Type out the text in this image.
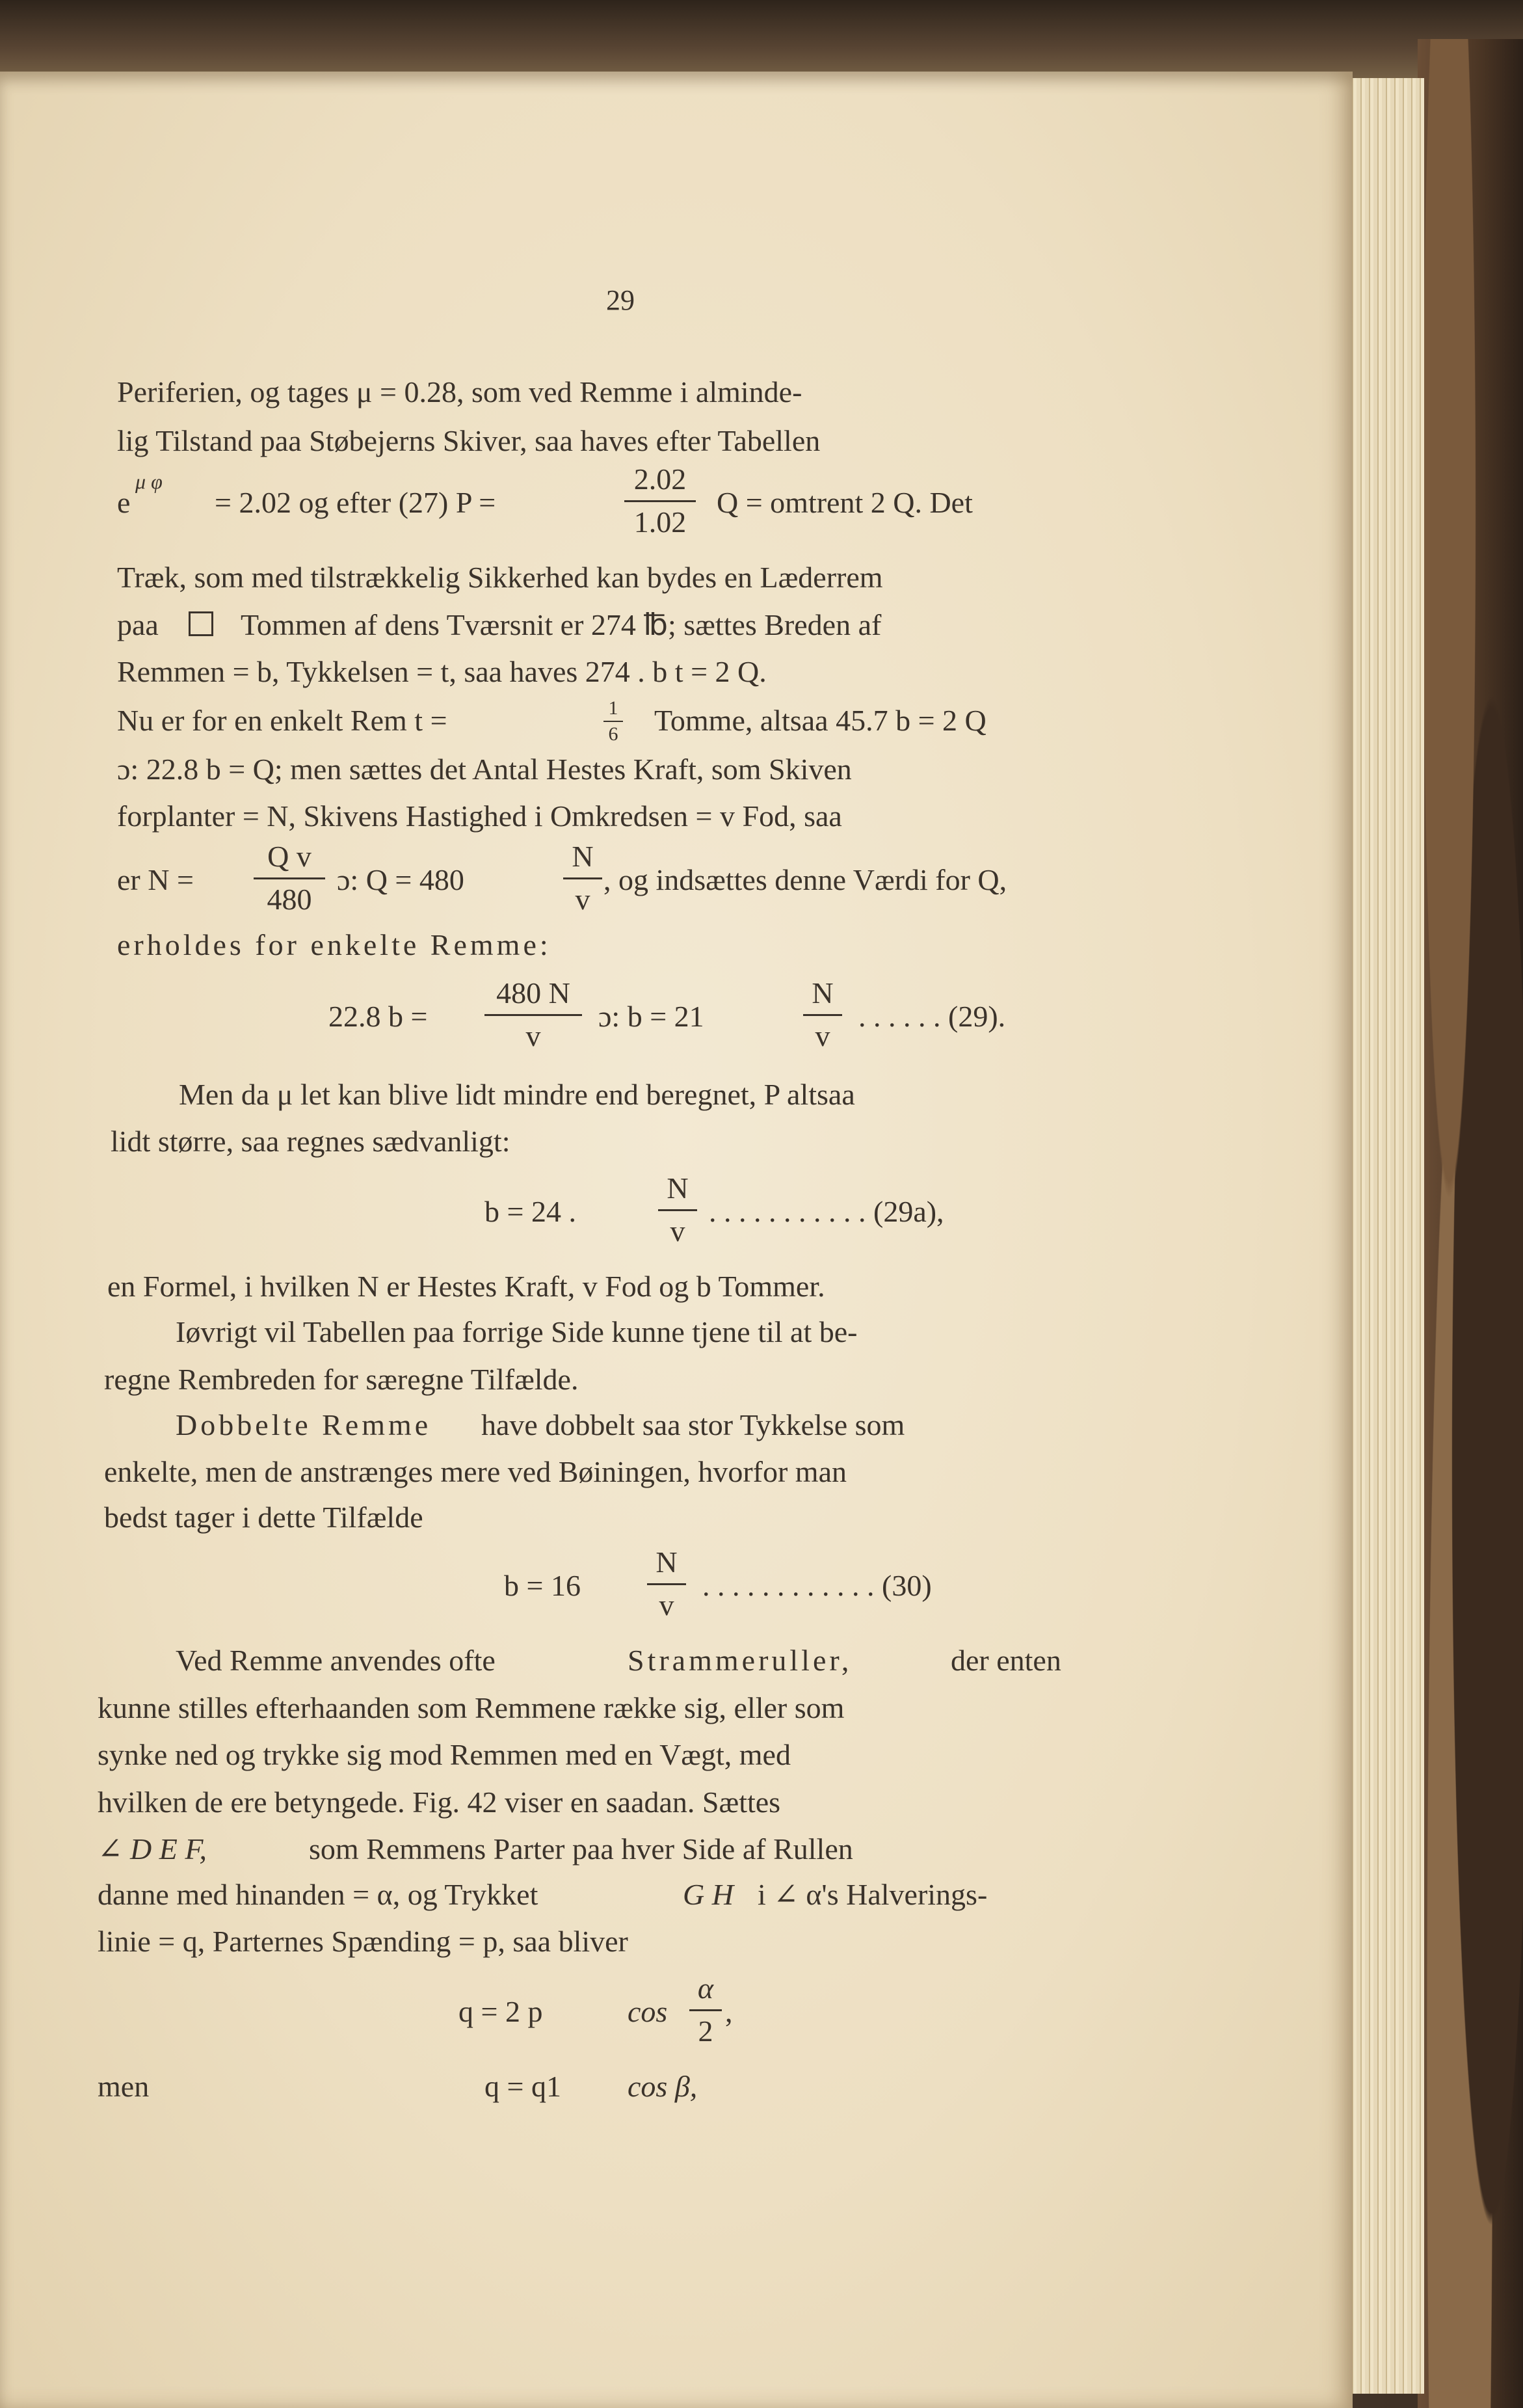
29
Periferien, og tages μ = 0.28, som ved Remme i alminde-
lig Tilstand paa Støbejerns Skiver, saa haves efter Tabellen
e
μ φ
= 2.02 og efter (27) P =
2.02
1.02
Q = omtrent 2 Q. Det
Træk, som med tilstrækkelig Sikkerhed kan bydes en Læderrem
paa	Tommen af dens Tværsnit er 274 ℔; sættes Breden af
Remmen = b, Tykkelsen = t, saa haves 274 . b t = 2 Q.
Nu er for en enkelt Rem t =	1
6 Tomme, altsaa 45.7 b = 2 Q
ɔ: 22.8 b = Q; men sættes det Antal Hestes Kraft, som Skiven
forplanter = N, Skivens Hastighed i Omkredsen = v Fod, saa
er N =
Q v
480
ɔ: Q = 480
N
v
, og indsættes denne Værdi for Q,
erholdes for enkelte Remme:
22.8 b =
480 N
v
ɔ: b = 21
N
v
. . . . . . (29).
Men da μ let kan blive lidt mindre end beregnet, P altsaa
lidt større, saa regnes sædvanligt:
b = 24 .
N
v
. . . . . . . . . . . (29a),
en Formel, i hvilken N er Hestes Kraft, v Fod og b Tommer.
Iøvrigt vil Tabellen paa forrige Side kunne tjene til at be-
regne Rembreden for særegne Tilfælde.
Dobbelte Remme have dobbelt saa stor Tykkelse som
enkelte, men de anstrænges mere ved Bøiningen, hvorfor man
bedst tager i dette Tilfælde
b = 16
N
v
. . . . . . . . . . . . (30)
Ved Remme anvendes ofte	Strammeruller,	der enten
kunne stilles efterhaanden som Remmene række sig, eller som
synke ned og trykke sig mod Remmen med en Vægt, med
hvilken de ere betyngede. Fig. 42 viser en saadan. Sættes
∠ D E F,	som Remmens Parter paa hver Side af Rullen
danne med hinanden = α, og Trykket	G H i ∠ α's Halverings-
linie = q, Parternes Spænding = p, saa bliver
q = 2 p	cos
α
2
,
men	q = q1 cos β,
